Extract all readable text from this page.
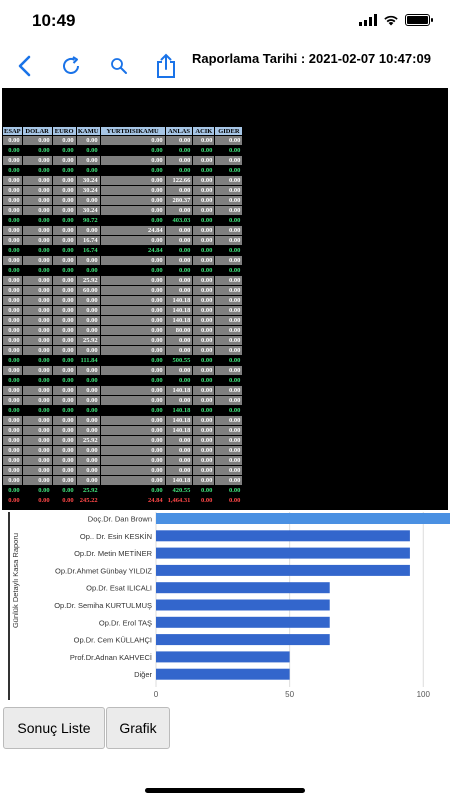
10:49
Raporlama Tarihi : 2021-02-07 10:47:09
ESAP	DOLAR	EURO	KAMU	YURTDISIKAMU	ANLAS	ACIK	GIDER
0.00	0.00	0.00	0.00	0.00	0.00	0.00	0.00
0.00	0.00	0.00	0.00	0.00	0.00	0.00	0.00
0.00	0.00	0.00	0.00	0.00	0.00	0.00	0.00
0.00	0.00	0.00	0.00	0.00	0.00	0.00	0.00
0.00	0.00	0.00	30.24	0.00	122.66	0.00	0.00
0.00	0.00	0.00	30.24	0.00	0.00	0.00	0.00
0.00	0.00	0.00	0.00	0.00	280.37	0.00	0.00
0.00	0.00	0.00	30.24	0.00	0.00	0.00	0.00
0.00	0.00	0.00	90.72	0.00	403.03	0.00	0.00
0.00	0.00	0.00	0.00	24.84	0.00	0.00	0.00
0.00	0.00	0.00	16.74	0.00	0.00	0.00	0.00
0.00	0.00	0.00	16.74	24.84	0.00	0.00	0.00
0.00	0.00	0.00	0.00	0.00	0.00	0.00	0.00
0.00	0.00	0.00	0.00	0.00	0.00	0.00	0.00
0.00	0.00	0.00	25.92	0.00	0.00	0.00	0.00
0.00	0.00	0.00	60.00	0.00	0.00	0.00	0.00
0.00	0.00	0.00	0.00	0.00	140.18	0.00	0.00
0.00	0.00	0.00	0.00	0.00	140.18	0.00	0.00
0.00	0.00	0.00	0.00	0.00	140.18	0.00	0.00
0.00	0.00	0.00	0.00	0.00	80.00	0.00	0.00
0.00	0.00	0.00	25.92	0.00	0.00	0.00	0.00
0.00	0.00	0.00	0.00	0.00	0.00	0.00	0.00
0.00	0.00	0.00	111.84	0.00	500.55	0.00	0.00
0.00	0.00	0.00	0.00	0.00	0.00	0.00	0.00
0.00	0.00	0.00	0.00	0.00	0.00	0.00	0.00
0.00	0.00	0.00	0.00	0.00	140.18	0.00	0.00
0.00	0.00	0.00	0.00	0.00	0.00	0.00	0.00
0.00	0.00	0.00	0.00	0.00	140.18	0.00	0.00
0.00	0.00	0.00	0.00	0.00	140.18	0.00	0.00
0.00	0.00	0.00	0.00	0.00	140.18	0.00	0.00
0.00	0.00	0.00	25.92	0.00	0.00	0.00	0.00
0.00	0.00	0.00	0.00	0.00	0.00	0.00	0.00
0.00	0.00	0.00	0.00	0.00	0.00	0.00	0.00
0.00	0.00	0.00	0.00	0.00	0.00	0.00	0.00
0.00	0.00	0.00	0.00	0.00	140.18	0.00	0.00
0.00	0.00	0.00	25.92	0.00	420.55	0.00	0.00
0.00	0.00	0.00	245.22	24.84	1,464.31	0.00	0.00
0	50	100
Doç.Dr. Dan Brown
Op.. Dr. Esin KESKİN
Op.Dr. Metin METİNER
Op.Dr.Ahmet Günbay YILDIZ
Op.Dr. Esat ILICALI
Op.Dr. Semiha KURTULMUŞ
Op.Dr. Erol TAŞ
Op.Dr. Cem KÜLLAHÇI
Prof.Dr.Adnan KAHVECİ
Diğer
Günlük Detaylı Kasa Raporu
Sonuç Liste	Grafik
